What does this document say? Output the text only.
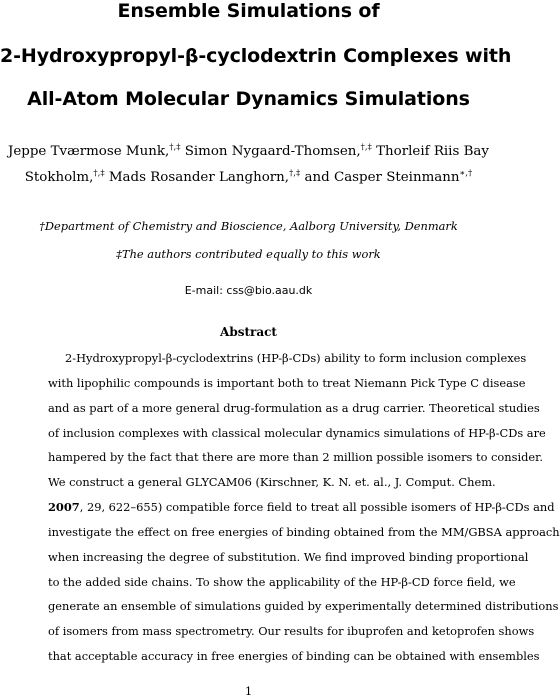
Ensemble Simulations of
2-Hydroxypropyl-β-cyclodextrin Complexes with
All-Atom Molecular Dynamics Simulations
Jeppe Tværmose Munk,†,‡ Simon Nygaard-Thomsen,†,‡ Thorleif Riis Bay
Stokholm,†,‡ Mads Rosander Langhorn,†,‡ and Casper Steinmann∗,†
†Department of Chemistry and Bioscience, Aalborg University, Denmark
‡The authors contributed equally to this work
E-mail: css@bio.aau.dk
Abstract
2-Hydroxypropyl-β-cyclodextrins (HP-β-CDs) ability to form inclusion complexes
with lipophilic compounds is important both to treat Niemann Pick Type C disease
and as part of a more general drug-formulation as a drug carrier. Theoretical studies
of inclusion complexes with classical molecular dynamics simulations of HP-β-CDs are
hampered by the fact that there are more than 2 million possible isomers to consider.
We construct a general GLYCAM06 (Kirschner, K. N. et. al., J. Comput. Chem.
2007, 29, 622–655) compatible force field to treat all possible isomers of HP-β-CDs and
investigate the effect on free energies of binding obtained from the MM/GBSA approach
when increasing the degree of substitution. We find improved binding proportional
to the added side chains. To show the applicability of the HP-β-CD force field, we
generate an ensemble of simulations guided by experimentally determined distributions
of isomers from mass spectrometry. Our results for ibuprofen and ketoprofen shows
that acceptable accuracy in free energies of binding can be obtained with ensembles
1
